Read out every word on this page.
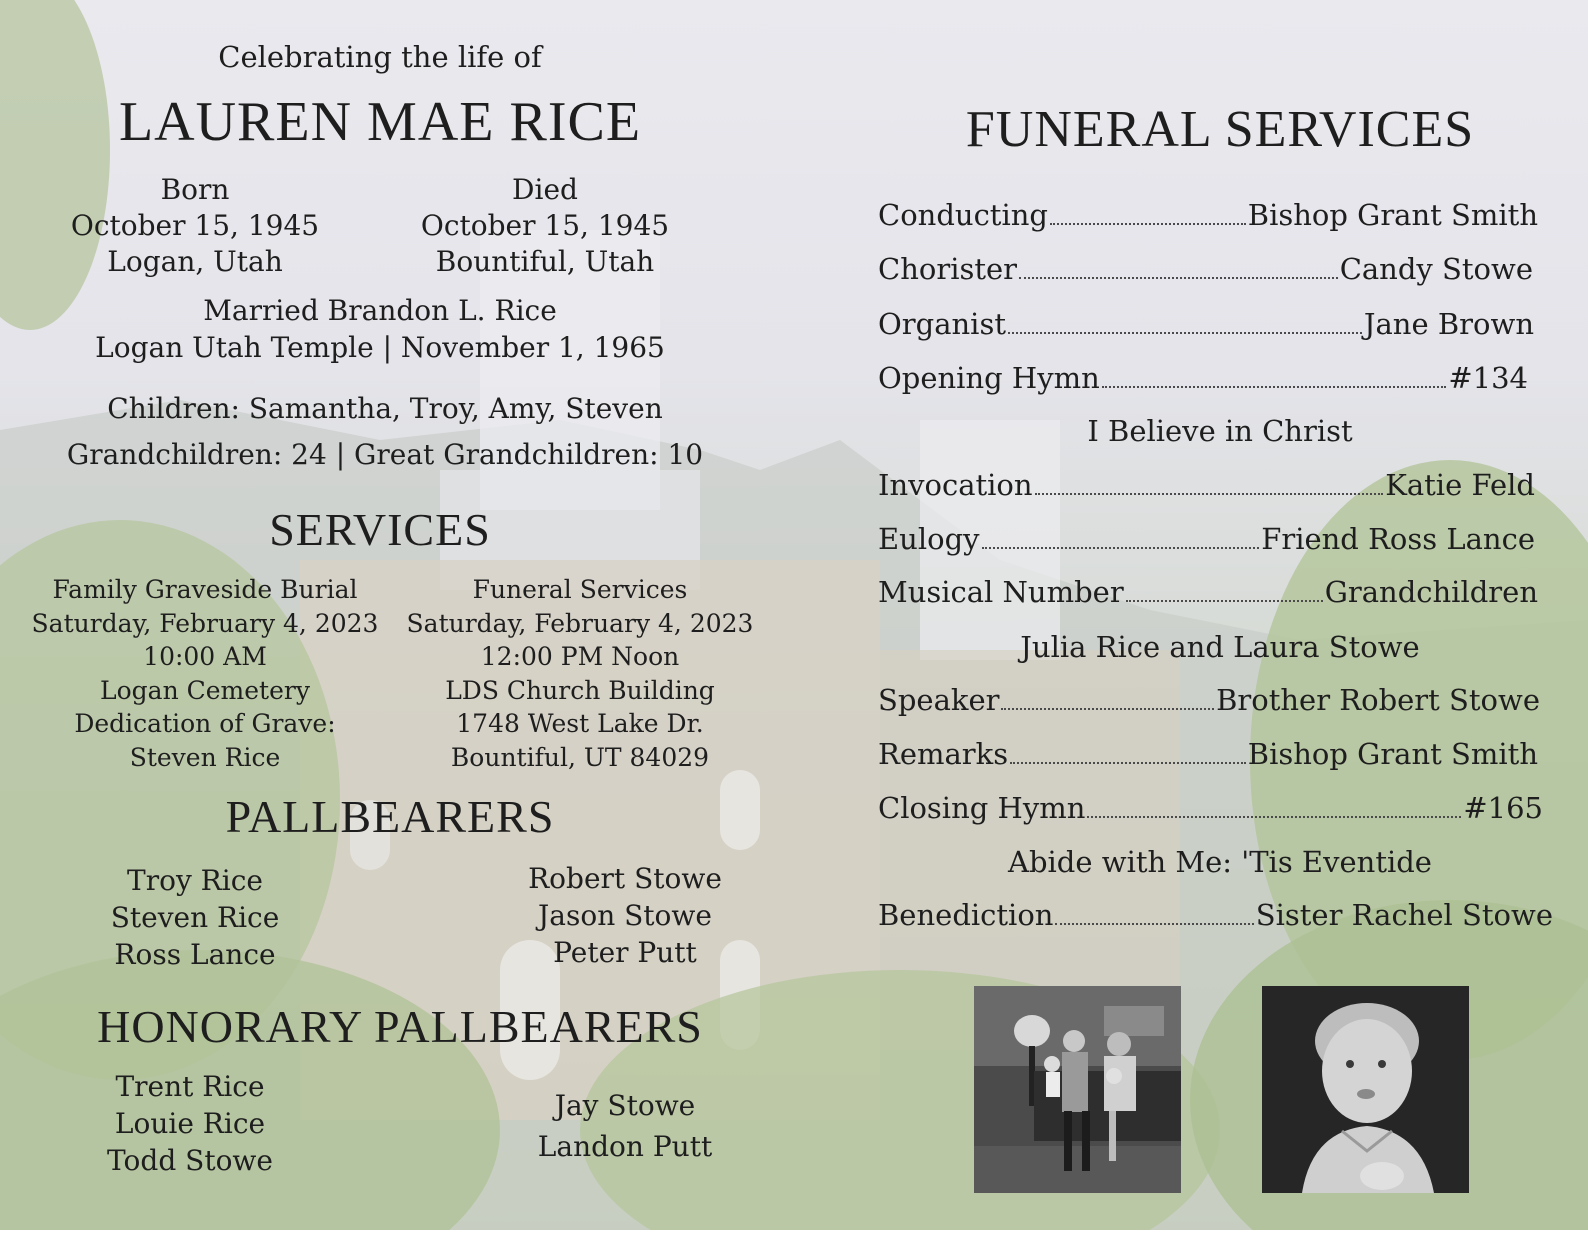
Celebrating the life of
LAUREN MAE RICE
Born
October 15, 1945
Logan, Utah
Died
October 15, 1945
Bountiful, Utah
Married Brandon L. Rice
Logan Utah Temple | November 1, 1965
Children: Samantha, Troy, Amy, Steven
Grandchildren: 24 | Great Grandchildren: 10
SERVICES
Family Graveside Burial
Saturday, February 4, 2023
10:00 AM
Logan Cemetery
Dedication of Grave:
Steven Rice
Funeral Services
Saturday, February 4, 2023
12:00 PM Noon
LDS Church Building
1748 West Lake Dr.
Bountiful, UT 84029
PALLBEARERS
Troy Rice
Steven Rice
Ross Lance
Robert Stowe
Jason Stowe
Peter Putt
HONORARY PALLBEARERS
Trent Rice
Louie Rice
Todd Stowe
Jay Stowe
Landon Putt
FUNERAL SERVICES
Conducting	Bishop Grant Smith
Chorister	Candy Stowe
Organist	Jane Brown
Opening Hymn	#134
I Believe in Christ
Invocation	Katie Feld
Eulogy	Friend Ross Lance
Musical Number	Grandchildren
Julia Rice and Laura Stowe
Speaker	Brother Robert Stowe
Remarks	Bishop Grant Smith
Closing Hymn	#165
Abide with Me: 'Tis Eventide
Benediction	Sister Rachel Stowe
